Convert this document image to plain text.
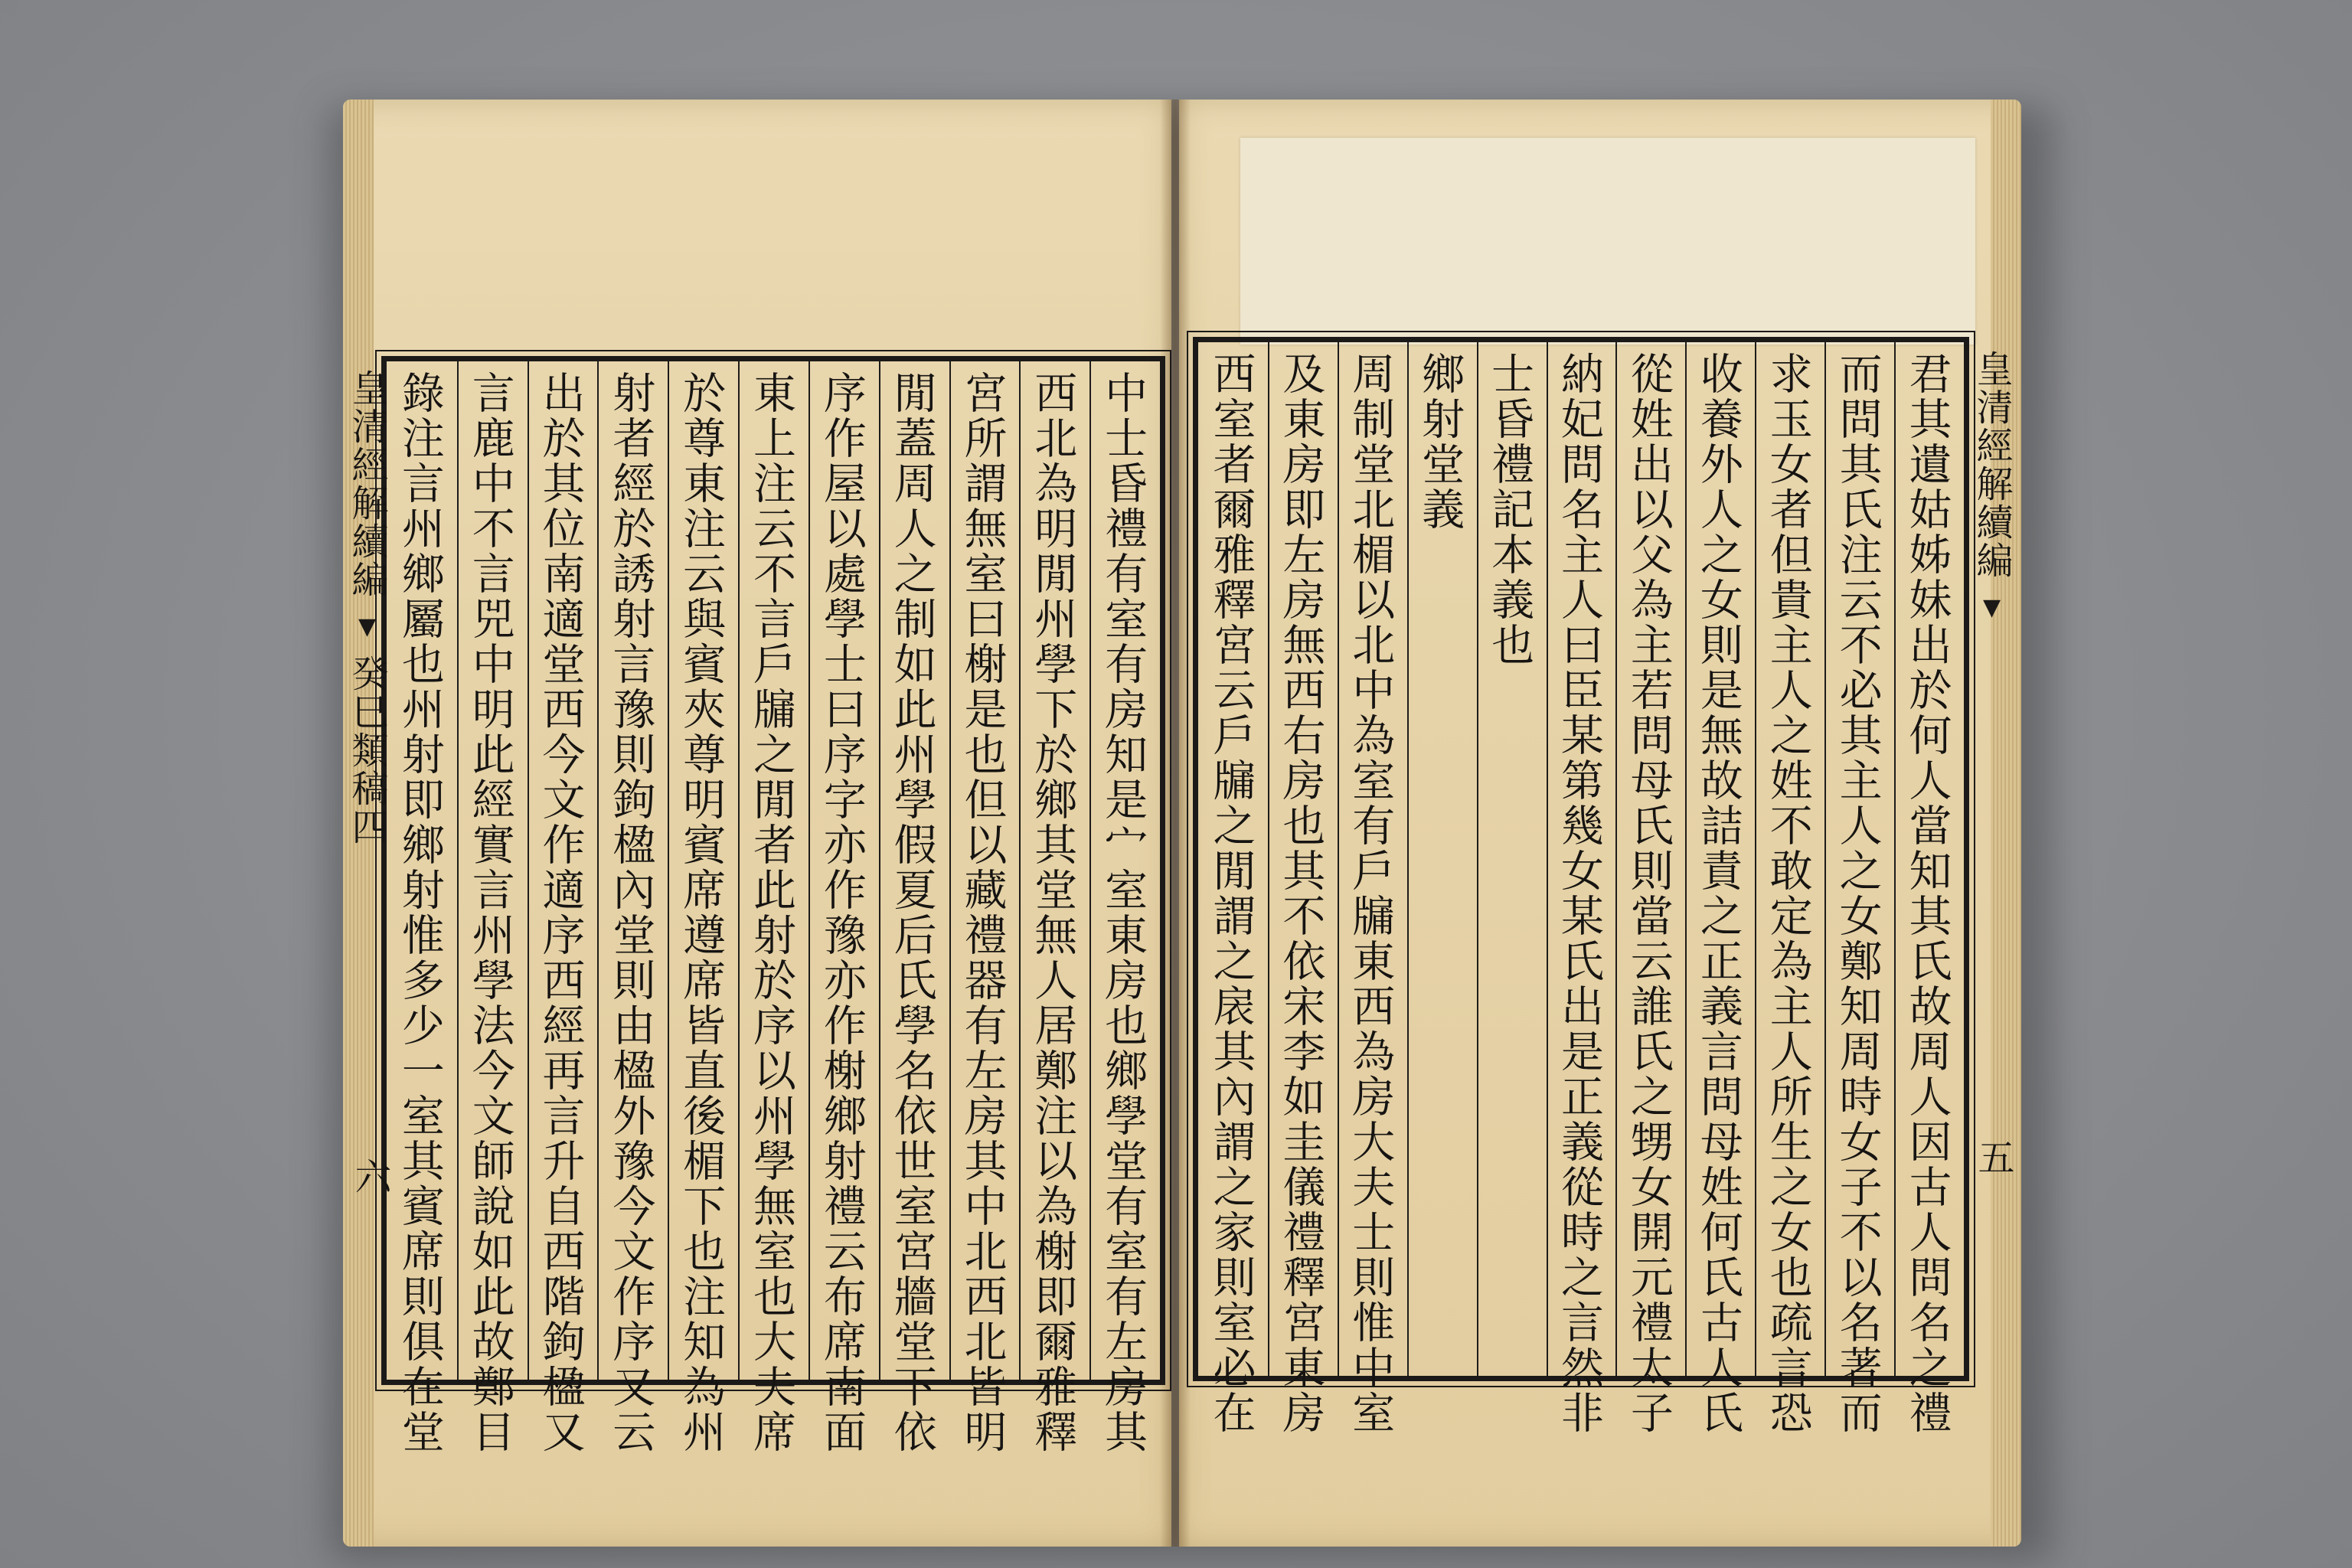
皇清經解續編 ▼ 癸巳類稿四	中士昏禮有室有房知是宀室東房也鄉學堂有室有左房其
西北為明閒州學下於鄉其堂無人居鄭注以為榭即爾雅釋
宮所謂無室曰榭是也但以藏禮器有左房其中北西北皆明
閒蓋周人之制如此州學假夏后氏學名依世室宮牆堂下依
序作屋以處學士曰序字亦作豫亦作榭鄉射禮云布席南面
東上注云不言戶牖之閒者此射於序以州學無室也大夫席
於尊東注云與賓夾尊明賓席遵席皆直後楣下也注知為州
射者經於誘射言豫則鉤楹內堂則由楹外豫今文作序又云
出於其位南適堂西今文作適序西經再言升自西階鉤楹又
言鹿中不言兕中明此經實言州學法今文師說如此故鄭目
錄注言州鄉屬也州射即鄉射惟多少一室其賓席則俱在堂
六
皇清經解續編 ▼
君其遺姑姊妹出於何人當知其氏故周人因古人問名之禮
而問其氏注云不必其主人之女鄭知周時女子不以名著而
求玉女者但貴主人之姓不敢定為主人所生之女也疏言恐
收養外人之女則是無故詰責之正義言問母姓何氏古人氏
從姓出以父為主若問母氏則當云誰氏之甥女開元禮太子
納妃問名主人曰臣某第幾女某氏出是正義從時之言然非
士昏禮記本義也
鄉射堂義
周制堂北楣以北中為室有戶牖東西為房大夫士則惟中室
及東房即左房無西右房也其不依宋李如圭儀禮釋宮東房
西室者爾雅釋宮云戶牖之閒謂之扆其內謂之家則室必在	五
